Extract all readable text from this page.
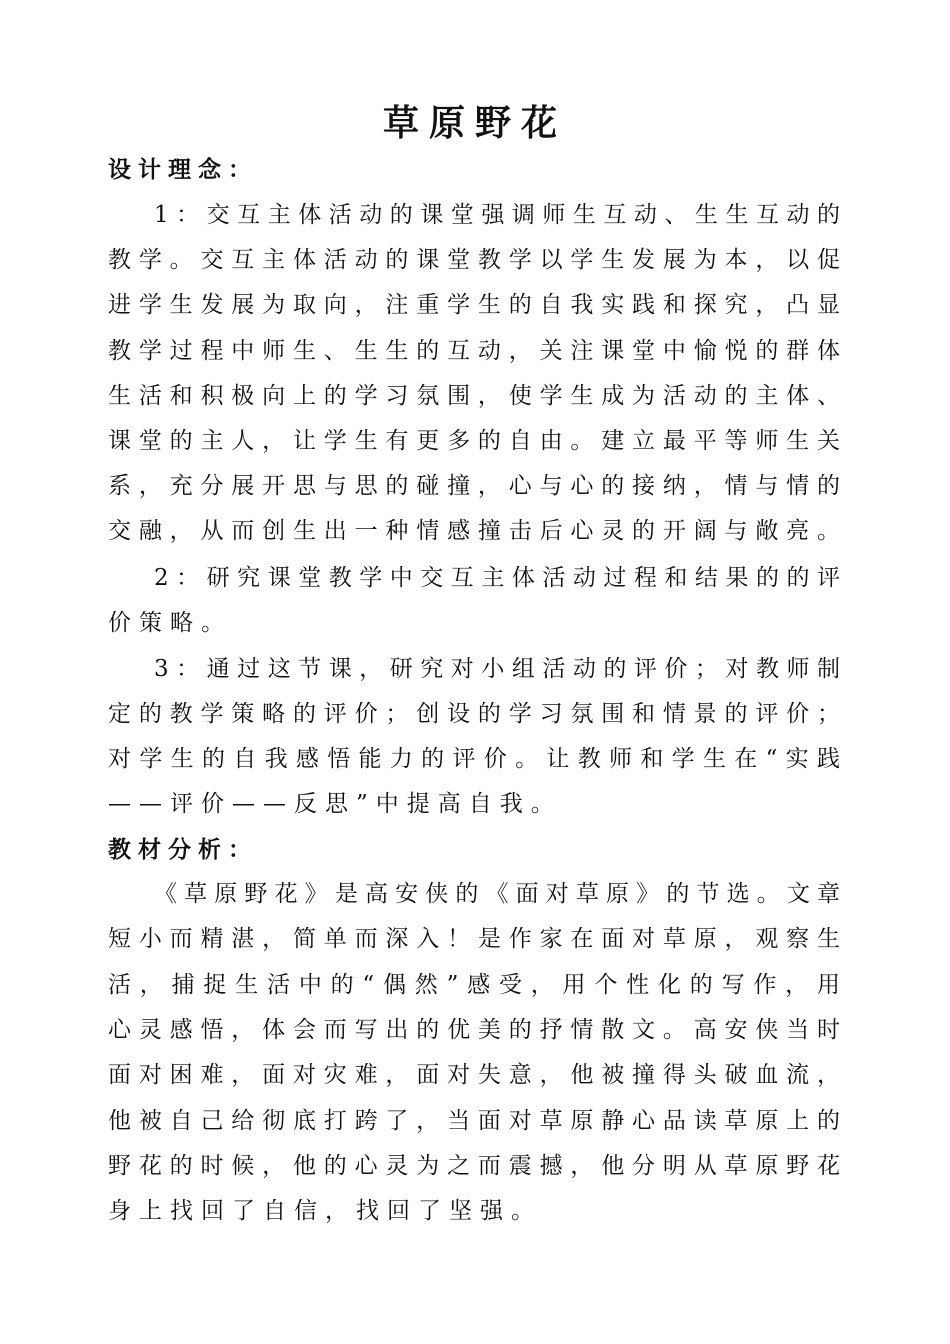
草原野花
设计理念：
1：交互主体活动的课堂强调师生互动、生生互动的
教学。交互主体活动的课堂教学以学生发展为本，以促
进学生发展为取向，注重学生的自我实践和探究，凸显
教学过程中师生、生生的互动，关注课堂中愉悦的群体
生活和积极向上的学习氛围，使学生成为活动的主体、
课堂的主人，让学生有更多的自由。建立最平等师生关
系，充分展开思与思的碰撞，心与心的接纳，情与情的
交融，从而创生出一种情感撞击后心灵的开阔与敞亮。
2：研究课堂教学中交互主体活动过程和结果的的评
价策略。
3：通过这节课，研究对小组活动的评价；对教师制
定的教学策略的评价；创设的学习氛围和情景的评价；
对学生的自我感悟能力的评价。让教师和学生在“实践
——评价——反思”中提高自我。
教材分析：
《草原野花》是高安侠的《面对草原》的节选。文章
短小而精湛，简单而深入！是作家在面对草原，观察生
活，捕捉生活中的“偶然”感受，用个性化的写作，用
心灵感悟，体会而写出的优美的抒情散文。高安侠当时
面对困难，面对灾难，面对失意，他被撞得头破血流，
他被自己给彻底打跨了，当面对草原静心品读草原上的
野花的时候，他的心灵为之而震撼，他分明从草原野花
身上找回了自信，找回了坚强。
